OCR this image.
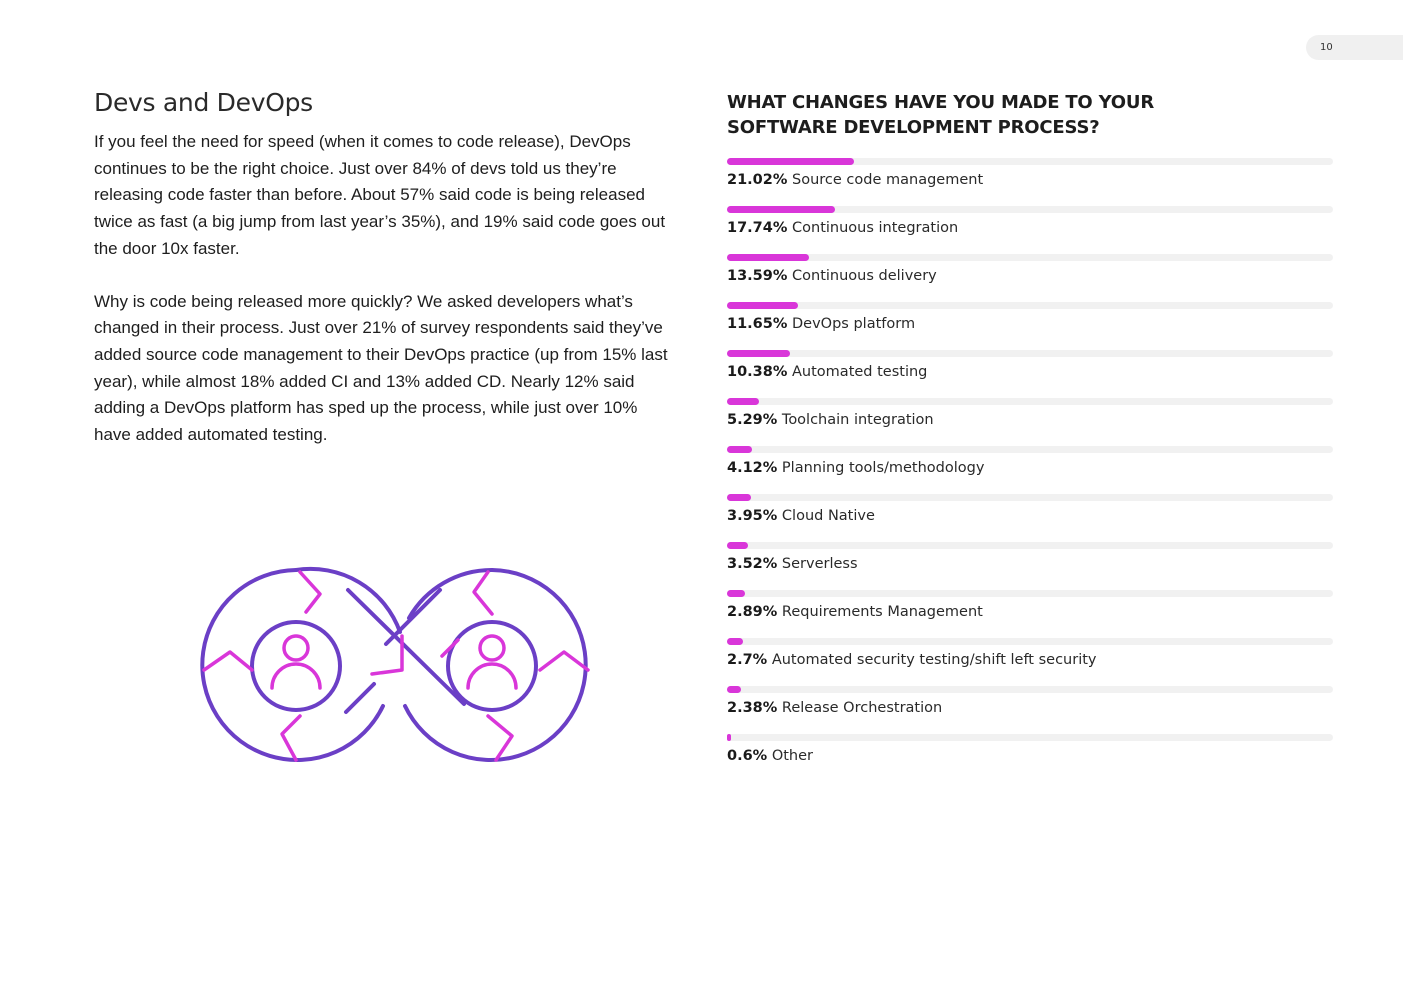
10
Devs and DevOps

If you feel the need for speed (when it comes to code release), DevOps continues to be the right choice. Just over 84% of devs told us they’re releasing code faster than before. About 57% said code is being released twice as fast (a big jump from last year’s 35%), and 19% said code goes out the door 10x faster.

Why is code being released more quickly? We asked developers what’s changed in their process. Just over 21% of survey respondents said they’ve added source code management to their DevOps practice (up from 15% last year), while almost 18% added CI and 13% added CD. Nearly 12% said adding a DevOps platform has sped up the process, while just over 10% have added automated testing.

WHAT CHANGES HAVE YOU MADE TO YOUR SOFTWARE DEVELOPMENT PROCESS?
21.02% Source code management
17.74% Continuous integration
13.59% Continuous delivery
11.65% DevOps platform
10.38% Automated testing
5.29% Toolchain integration
4.12% Planning tools/methodology
3.95% Cloud Native
3.52% Serverless
2.89% Requirements Management
2.7% Automated security testing/shift left security
2.38% Release Orchestration
0.6% Other
